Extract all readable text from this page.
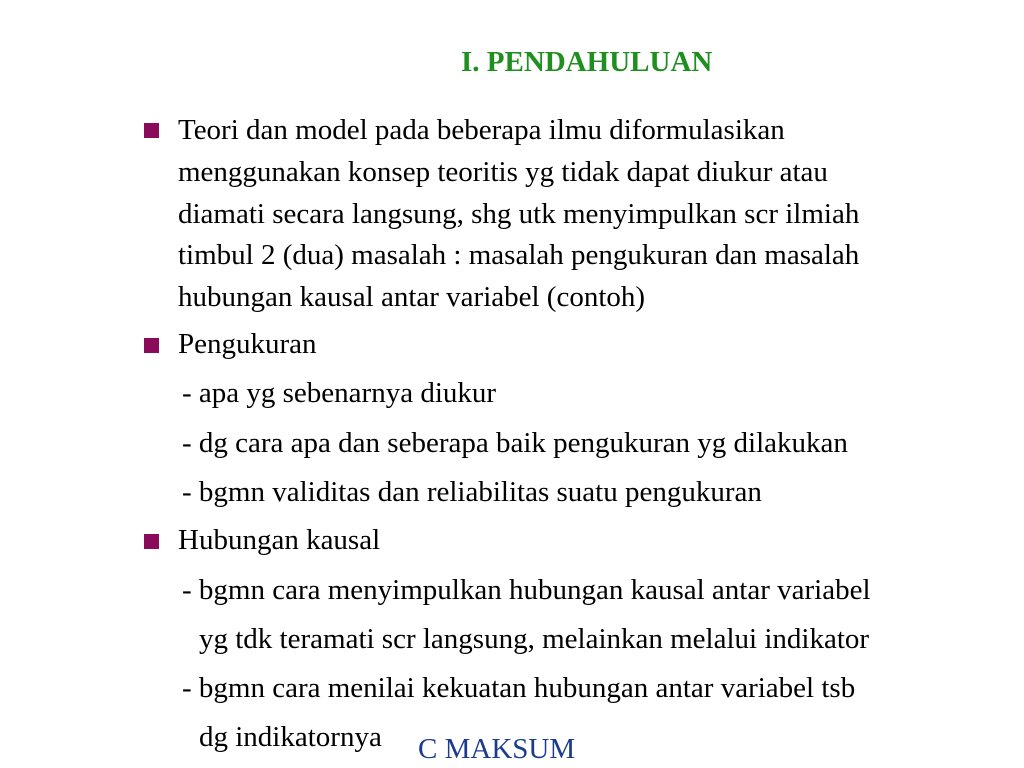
I. PENDAHULUAN
Teori dan model pada beberapa ilmu diformulasikan
menggunakan konsep teoritis yg tidak dapat diukur atau
diamati secara langsung, shg utk menyimpulkan scr ilmiah
timbul 2 (dua) masalah : masalah pengukuran dan masalah
hubungan kausal antar variabel (contoh)
Pengukuran
- apa yg sebenarnya diukur
- dg cara apa dan seberapa baik pengukuran yg dilakukan
- bgmn validitas dan reliabilitas suatu pengukuran
Hubungan kausal
- bgmn cara menyimpulkan hubungan kausal antar variabel
yg tdk teramati scr langsung, melainkan melalui indikator
- bgmn cara menilai kekuatan hubungan antar variabel tsb
dg indikatornya C MAKSUM
